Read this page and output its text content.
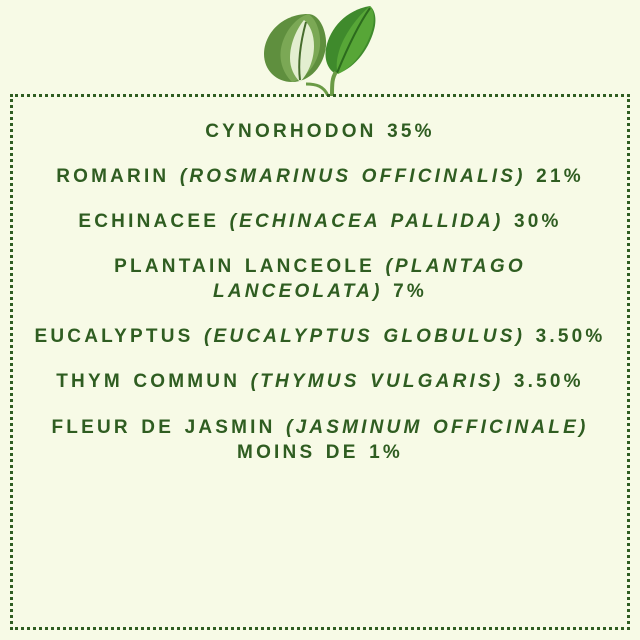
CYNORHODON 35%
ROMARIN (ROSMARINUS OFFICINALIS) 21%
ECHINACEE (ECHINACEA PALLIDA) 30%
PLANTAIN LANCEOLE (PLANTAGO LANCEOLATA) 7%
EUCALYPTUS (EUCALYPTUS GLOBULUS) 3.50%
THYM COMMUN (THYMUS VULGARIS) 3.50%
FLEUR DE JASMIN (JASMINUM OFFICINALE) MOINS DE 1%
